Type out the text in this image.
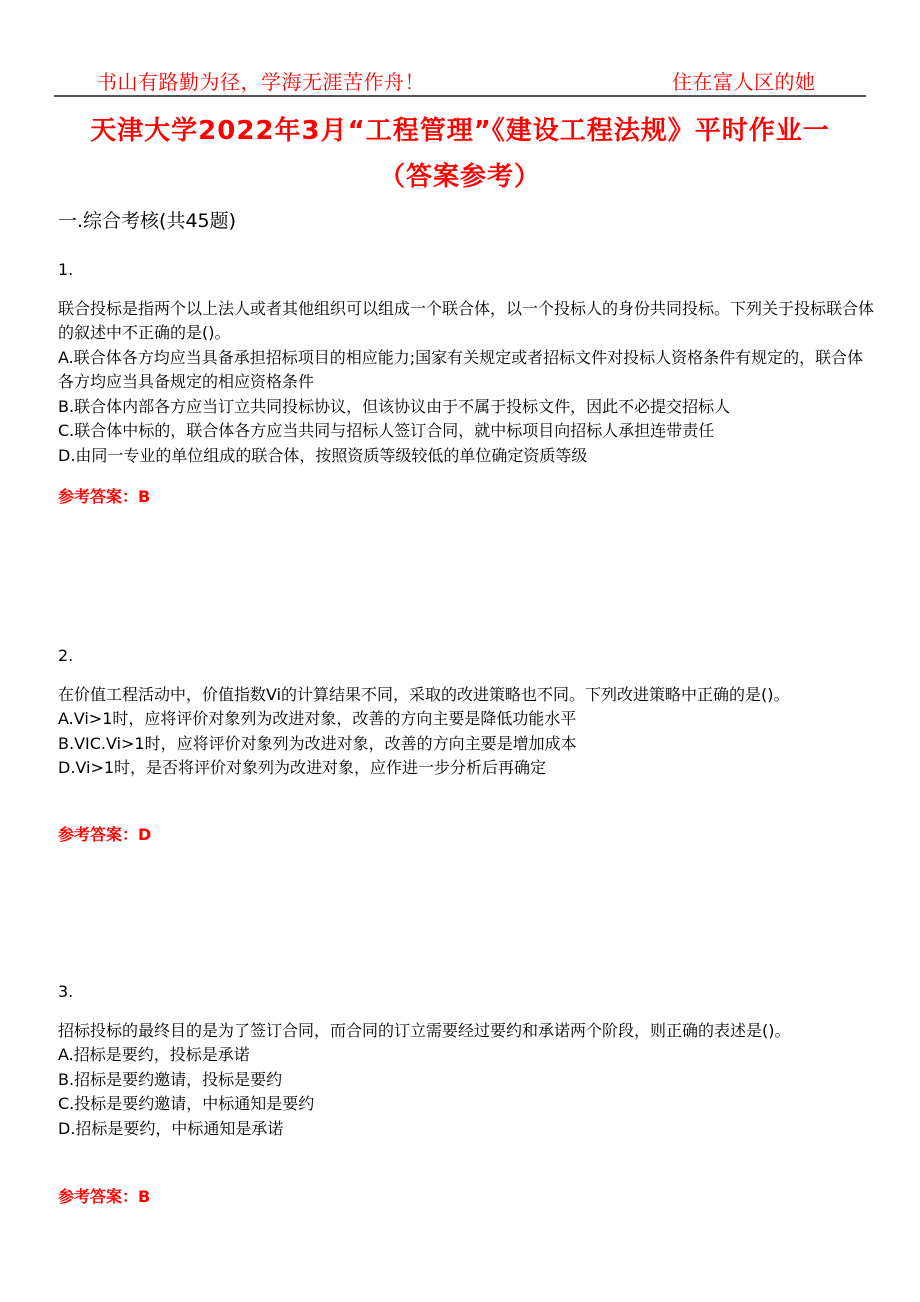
书山有路勤为径，学海无涯苦作舟！	住在富人区的她
天津大学2022年3月“工程管理”《建设工程法规》平时作业一
（答案参考）
一.综合考核(共45题)
1.
联合投标是指两个以上法人或者其他组织可以组成一个联合体，以一个投标人的身份共同投标。下列关于投标联合体的叙述中不正确的是()。
A.联合体各方均应当具备承担招标项目的相应能力;国家有关规定或者招标文件对投标人资格条件有规定的，联合体各方均应当具备规定的相应资格条件
B.联合体内部各方应当订立共同投标协议，但该协议由于不属于投标文件，因此不必提交招标人
C.联合体中标的，联合体各方应当共同与招标人签订合同，就中标项目向招标人承担连带责任
D.由同一专业的单位组成的联合体，按照资质等级较低的单位确定资质等级
参考答案：B
2.
在价值工程活动中，价值指数Vi的计算结果不同，采取的改进策略也不同。下列改进策略中正确的是()。
A.Vi>1时，应将评价对象列为改进对象，改善的方向主要是降低功能水平
B.VIC.Vi>1时，应将评价对象列为改进对象，改善的方向主要是增加成本
D.Vi>1时，是否将评价对象列为改进对象，应作进一步分析后再确定
参考答案：D
3.
招标投标的最终目的是为了签订合同，而合同的订立需要经过要约和承诺两个阶段，则正确的表述是()。
A.招标是要约，投标是承诺
B.招标是要约邀请，投标是要约
C.投标是要约邀请，中标通知是要约
D.招标是要约，中标通知是承诺
参考答案：B
